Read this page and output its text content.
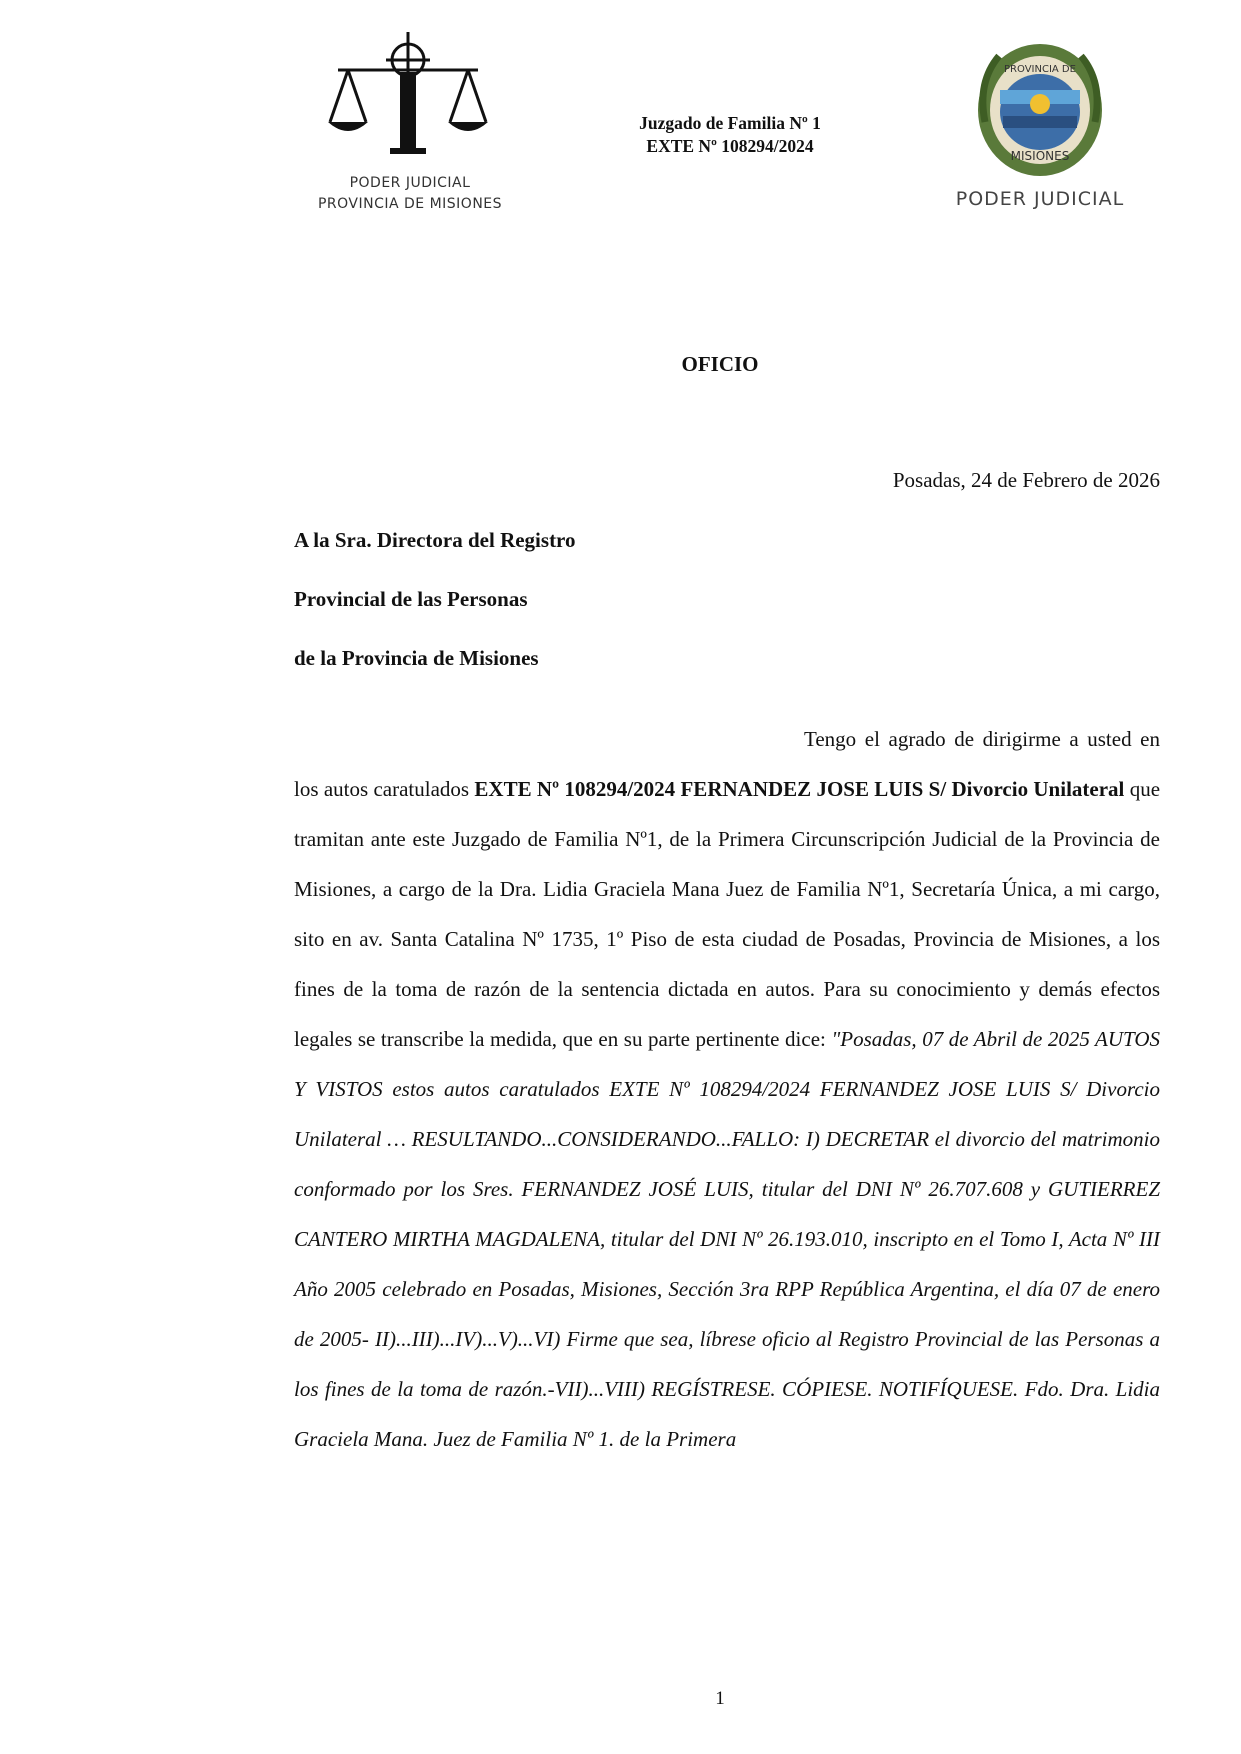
PODER JUDICIAL
PROVINCIA DE MISIONES
Juzgado de Familia Nº 1
EXTE Nº 108294/2024
PROVINCIA DE
MISIONES
PODER JUDICIAL
OFICIO
Posadas, 24 de Febrero de 2026
A la Sra. Directora del Registro
Provincial de las Personas
de la Provincia de Misiones
Tengo el agrado de dirigirme a usted en los autos caratulados EXTE Nº 108294/2024 FERNANDEZ JOSE LUIS S/ Divorcio Unilateral que tramitan ante este Juzgado de Familia Nº1, de la Primera Circunscripción Judicial de la Provincia de Misiones, a cargo de la Dra. Lidia Graciela Mana Juez de Familia Nº1, Secretaría Única, a mi cargo, sito en av. Santa Catalina Nº 1735, 1º Piso de esta ciudad de Posadas, Provincia de Misiones, a los fines de la toma de razón de la sentencia dictada en autos. Para su conocimiento y demás efectos legales se transcribe la medida, que en su parte pertinente dice: "Posadas, 07 de Abril de 2025 AUTOS Y VISTOS estos autos caratulados EXTE Nº 108294/2024 FERNANDEZ JOSE LUIS S/ Divorcio Unilateral … RESULTANDO...CONSIDERANDO...FALLO: I) DECRETAR el divorcio del matrimonio conformado por los Sres. FERNANDEZ JOSÉ LUIS, titular del DNI Nº 26.707.608 y GUTIERREZ CANTERO MIRTHA MAGDALENA, titular del DNI Nº 26.193.010, inscripto en el Tomo I, Acta Nº III Año 2005 celebrado en Posadas, Misiones, Sección 3ra RPP República Argentina, el día 07 de enero de 2005- II)...III)...IV)...V)...VI) Firme que sea, líbrese oficio al Registro Provincial de las Personas a los fines de la toma de razón.-VII)...VIII) REGÍSTRESE. CÓPIESE. NOTIFÍQUESE. Fdo. Dra. Lidia Graciela Mana. Juez de Familia Nº 1. de la Primera
1
